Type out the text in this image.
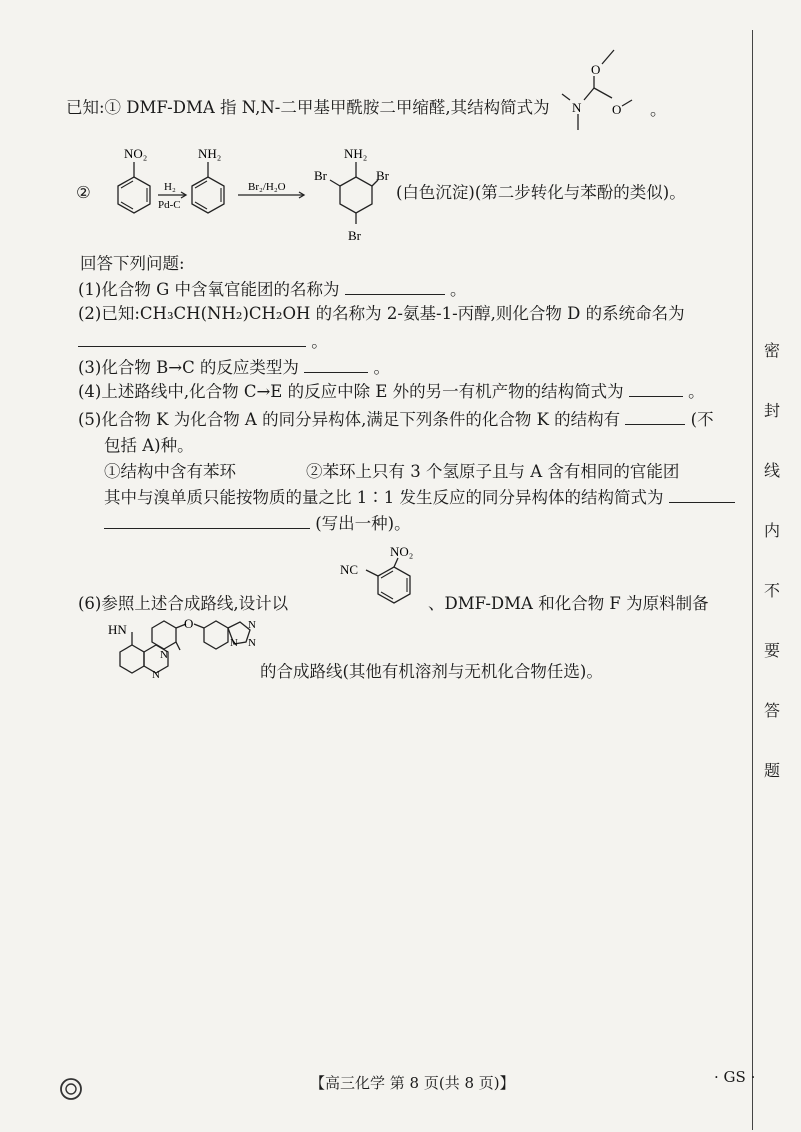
已知:① DMF-DMA 指 N,N-二甲基甲酰胺二甲缩醛,其结构简式为	。
O
O
N
②
NO₂	NH₂
H₂
Pd-C
Br₂/H₂O
NH₂
Br	Br
Br
(白色沉淀)(第二步转化与苯酚的类似)。
回答下列问题:
(1)化合物 G 中含氧官能团的名称为	。
(2)已知:CH₃CH(NH₂)CH₂OH 的名称为 2-氨基-1-丙醇,则化合物 D 的系统命名为
。
(3)化合物 B→C 的反应类型为	。
(4)上述路线中,化合物 C→E 的反应中除 E 外的另一有机产物的结构简式为	。
(5)化合物 K 为化合物 A 的同分异构体,满足下列条件的化合物 K 的结构有	(不
包括 A)种。
①结构中含有苯环	②苯环上只有 3 个氢原子且与 A 含有相同的官能团
其中与溴单质只能按物质的量之比 1∶1 发生反应的同分异构体的结构简式为
(写出一种)。
(6)参照上述合成路线,设计以
NC
NO₂
、DMF-DMA 和化合物 F 为原料制备
HN	O
N
N
N
N
N
的合成路线(其他有机溶剂与无机化合物任选)。
密
封
线
内
不
要
答
题
【高三化学 第 8 页(共 8 页)】	· GS ·
